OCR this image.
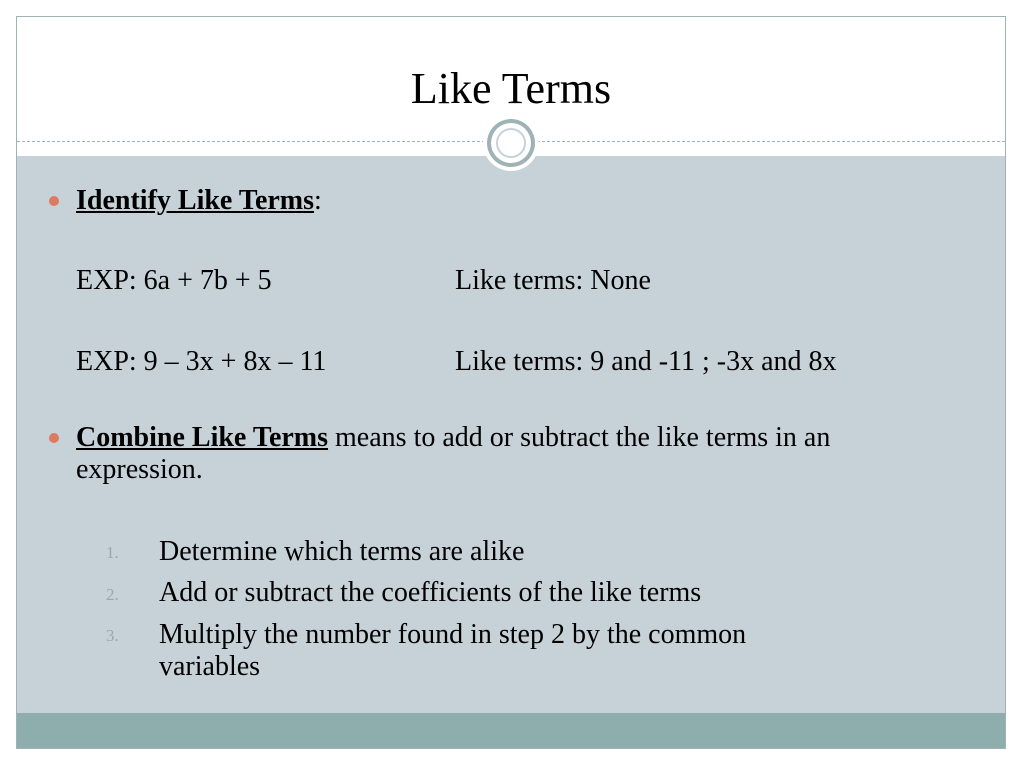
Like Terms
Identify Like Terms:
EXP: 6a + 7b + 5	Like terms: None
EXP: 9 – 3x + 8x – 11	Like terms: 9 and -11 ; -3x and 8x
Combine Like Terms means to add or subtract the like terms in an
expression.
1. Determine which terms are alike
2. Add or subtract the coefficients of the like terms
3. Multiply the number found in step 2 by the common
variables
